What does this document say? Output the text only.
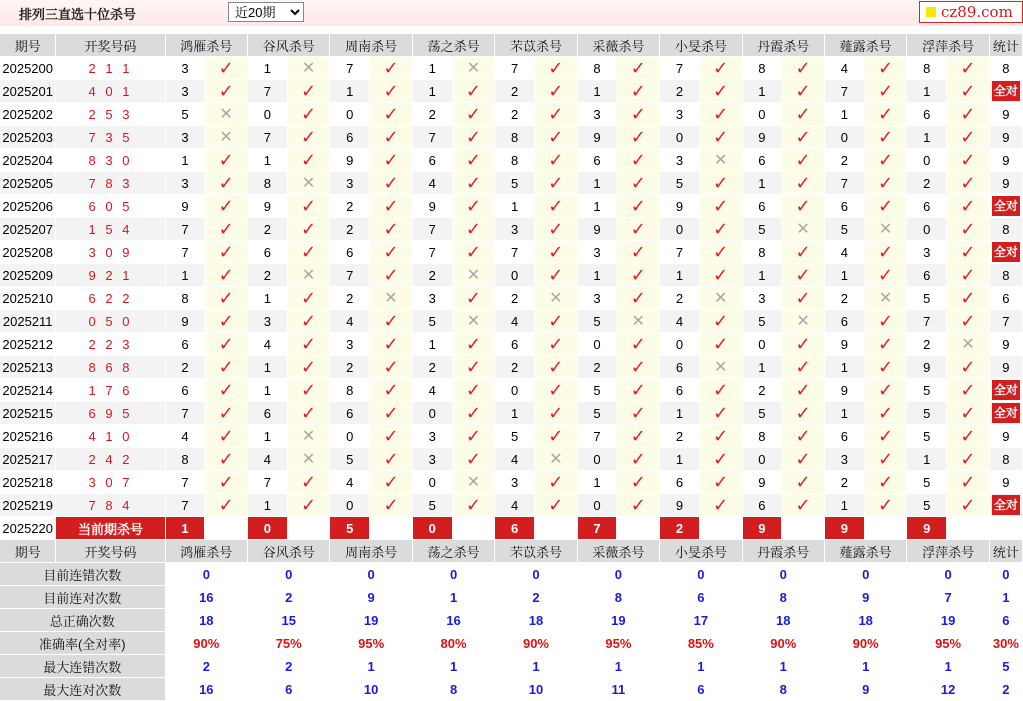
排列三直选十位杀号
近20期	cz89.com
期号	开奖号码	鸿雁杀号		谷风杀号		周南杀号		荡之杀号		芣苡杀号		采薇杀号		小旻杀号		丹霞杀号		薤露杀号		浮萍杀号		统计
2025200	2 1 1	3	✓	1	✕	7	✓	1	✕	7	✓	8	✓	7	✓	8	✓	4	✓	8	✓	8
2025201	4 0 1	3	✓	7	✓	1	✓	1	✓	2	✓	1	✓	2	✓	1	✓	7	✓	1	✓	全对
2025202	2 5 3	5	✕	0	✓	0	✓	2	✓	2	✓	3	✓	3	✓	0	✓	1	✓	6	✓	9
2025203	7 3 5	3	✕	7	✓	6	✓	7	✓	8	✓	9	✓	0	✓	9	✓	0	✓	1	✓	9
2025204	8 3 0	1	✓	1	✓	9	✓	6	✓	8	✓	6	✓	3	✕	6	✓	2	✓	0	✓	9
2025205	7 8 3	3	✓	8	✕	3	✓	4	✓	5	✓	1	✓	5	✓	1	✓	7	✓	2	✓	9
2025206	6 0 5	9	✓	9	✓	2	✓	9	✓	1	✓	1	✓	9	✓	6	✓	6	✓	6	✓	全对
2025207	1 5 4	7	✓	2	✓	2	✓	7	✓	3	✓	9	✓	0	✓	5	✕	5	✕	0	✓	8
2025208	3 0 9	7	✓	6	✓	6	✓	7	✓	7	✓	3	✓	7	✓	8	✓	4	✓	3	✓	全对
2025209	9 2 1	1	✓	2	✕	7	✓	2	✕	0	✓	1	✓	1	✓	1	✓	1	✓	6	✓	8
2025210	6 2 2	8	✓	1	✓	2	✕	3	✓	2	✕	3	✓	2	✕	3	✓	2	✕	5	✓	6
2025211	0 5 0	9	✓	3	✓	4	✓	5	✕	4	✓	5	✕	4	✓	5	✕	6	✓	7	✓	7
2025212	2 2 3	6	✓	4	✓	3	✓	1	✓	6	✓	0	✓	0	✓	0	✓	9	✓	2	✕	9
2025213	8 6 8	2	✓	1	✓	2	✓	2	✓	2	✓	2	✓	6	✕	1	✓	1	✓	9	✓	9
2025214	1 7 6	6	✓	1	✓	8	✓	4	✓	0	✓	5	✓	6	✓	2	✓	9	✓	5	✓	全对
2025215	6 9 5	7	✓	6	✓	6	✓	0	✓	1	✓	5	✓	1	✓	5	✓	1	✓	5	✓	全对
2025216	4 1 0	4	✓	1	✕	0	✓	3	✓	5	✓	7	✓	2	✓	8	✓	6	✓	5	✓	9
2025217	2 4 2	8	✓	4	✕	5	✓	3	✓	4	✕	0	✓	1	✓	0	✓	3	✓	1	✓	8
2025218	3 0 7	7	✓	7	✓	4	✓	0	✕	3	✓	1	✓	6	✓	9	✓	2	✓	5	✓	9
2025219	7 8 4	7	✓	1	✓	0	✓	5	✓	4	✓	0	✓	9	✓	6	✓	1	✓	5	✓	全对
2025220	当前期杀号	1		0		5		0		6		7		2		9		9		9		
期号	开奖号码	鸿雁杀号		谷风杀号		周南杀号		荡之杀号		芣苡杀号		采薇杀号		小旻杀号		丹霞杀号		薤露杀号		浮萍杀号		统计
目前连错次数		0		0		0		0		0		0		0		0		0		0		0
目前连对次数		16		2		9		1		2		8		6		8		9		7		1
总正确次数		18		15		19		16		18		19		17		18		18		19		6
准确率(全对率)		90%		75%		95%		80%		90%		95%		85%		90%		90%		95%		30%
最大连错次数		2		2		1		1		1		1		1		1		1		1		5
最大连对次数		16		6		10		8		10		11		6		8		9		12		2
